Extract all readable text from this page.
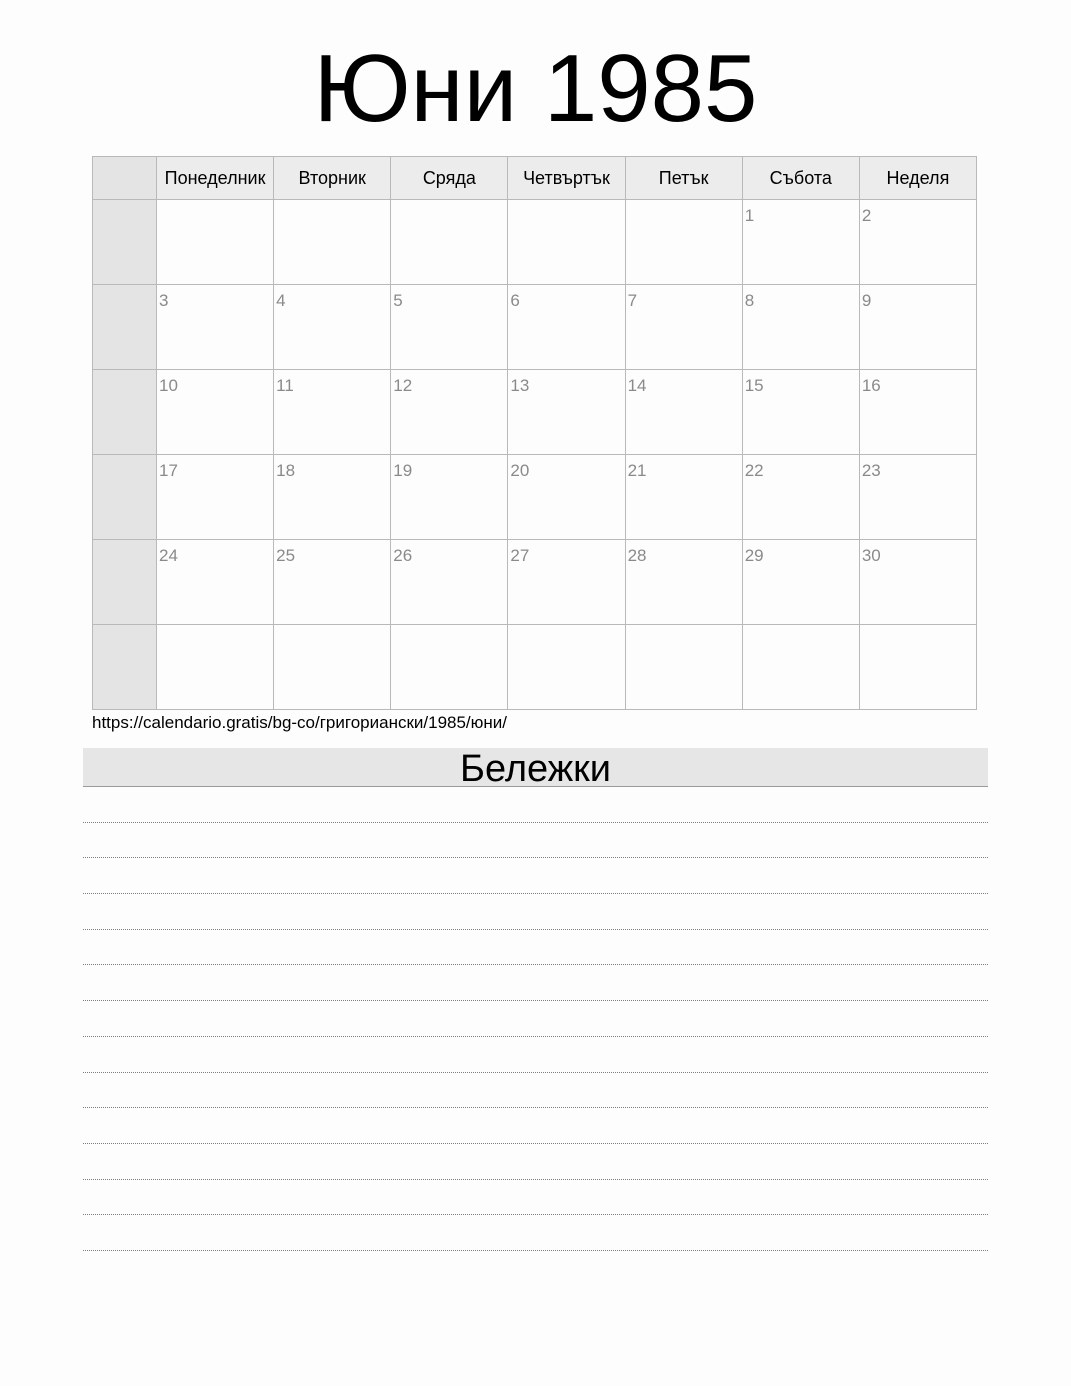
Юни 1985
	Понеделник	Вторник	Сряда	Четвъртък	Петък	Събота	Неделя

						1	2

	3	4	5	6	7	8	9

	10	11	12	13	14	15	16

	17	18	19	20	21	22	23

	24	25	26	27	28	29	30

https://calendario.gratis/bg-co/григориански/1985/юни/
Бележки
